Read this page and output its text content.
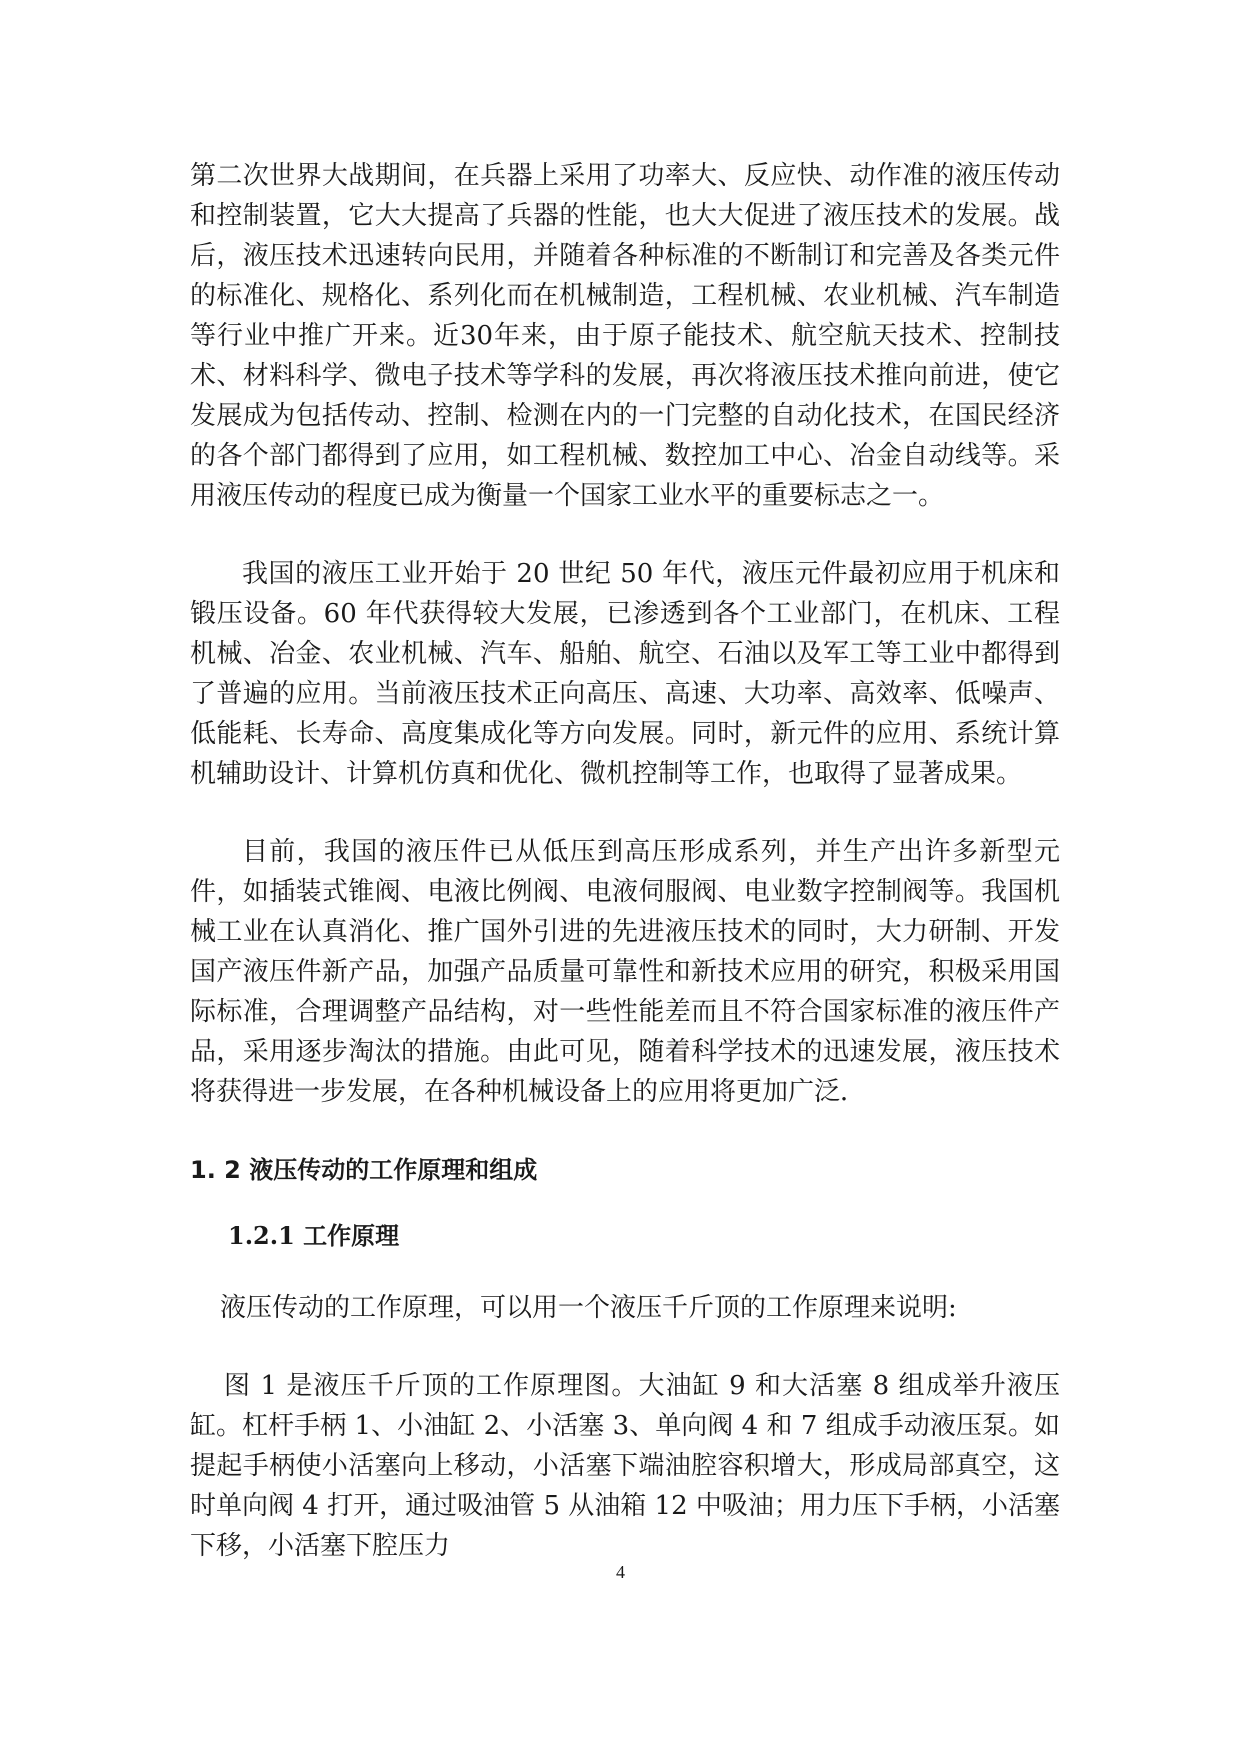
第二次世界大战期间，在兵器上采用了功率大、反应快、动作准的液压传动和控制装置，它大大提高了兵器的性能，也大大促进了液压技术的发展。战后，液压技术迅速转向民用，并随着各种标准的不断制订和完善及各类元件的标准化、规格化、系列化而在机械制造，工程机械、农业机械、汽车制造等行业中推广开来。近30年来，由于原子能技术、航空航天技术、控制技术、材料科学、微电子技术等学科的发展，再次将液压技术推向前进，使它发展成为包括传动、控制、检测在内的一门完整的自动化技术，在国民经济的各个部门都得到了应用，如工程机械、数控加工中心、冶金自动线等。采用液压传动的程度已成为衡量一个国家工业水平的重要标志之一。

我国的液压工业开始于 20 世纪 50 年代，液压元件最初应用于机床和锻压设备。60 年代获得较大发展，已渗透到各个工业部门，在机床、工程机械、冶金、农业机械、汽车、船舶、航空、石油以及军工等工业中都得到了普遍的应用。当前液压技术正向高压、高速、大功率、高效率、低噪声、低能耗、长寿命、高度集成化等方向发展。同时，新元件的应用、系统计算机辅助设计、计算机仿真和优化、微机控制等工作，也取得了显著成果。

目前，我国的液压件已从低压到高压形成系列，并生产出许多新型元件，如插装式锥阀、电液比例阀、电液伺服阀、电业数字控制阀等。我国机械工业在认真消化、推广国外引进的先进液压技术的同时，大力研制、开发国产液压件新产品，加强产品质量可靠性和新技术应用的研究，积极采用国际标准，合理调整产品结构，对一些性能差而且不符合国家标准的液压件产品，采用逐步淘汰的措施。由此可见，随着科学技术的迅速发展，液压技术将获得进一步发展，在各种机械设备上的应用将更加广泛．

1. 2 液压传动的工作原理和组成
1.2.1 工作原理

液压传动的工作原理，可以用一个液压千斤顶的工作原理来说明:

图 1 是液压千斤顶的工作原理图。大油缸 9 和大活塞 8 组成举升液压缸。杠杆手柄 1、小油缸 2、小活塞 3、单向阀 4 和 7 组成手动液压泵。如提起手柄使小活塞向上移动，小活塞下端油腔容积增大，形成局部真空，这时单向阀 4 打开，通过吸油管 5 从油箱 12 中吸油；用力压下手柄，小活塞下移，小活塞下腔压力

4
